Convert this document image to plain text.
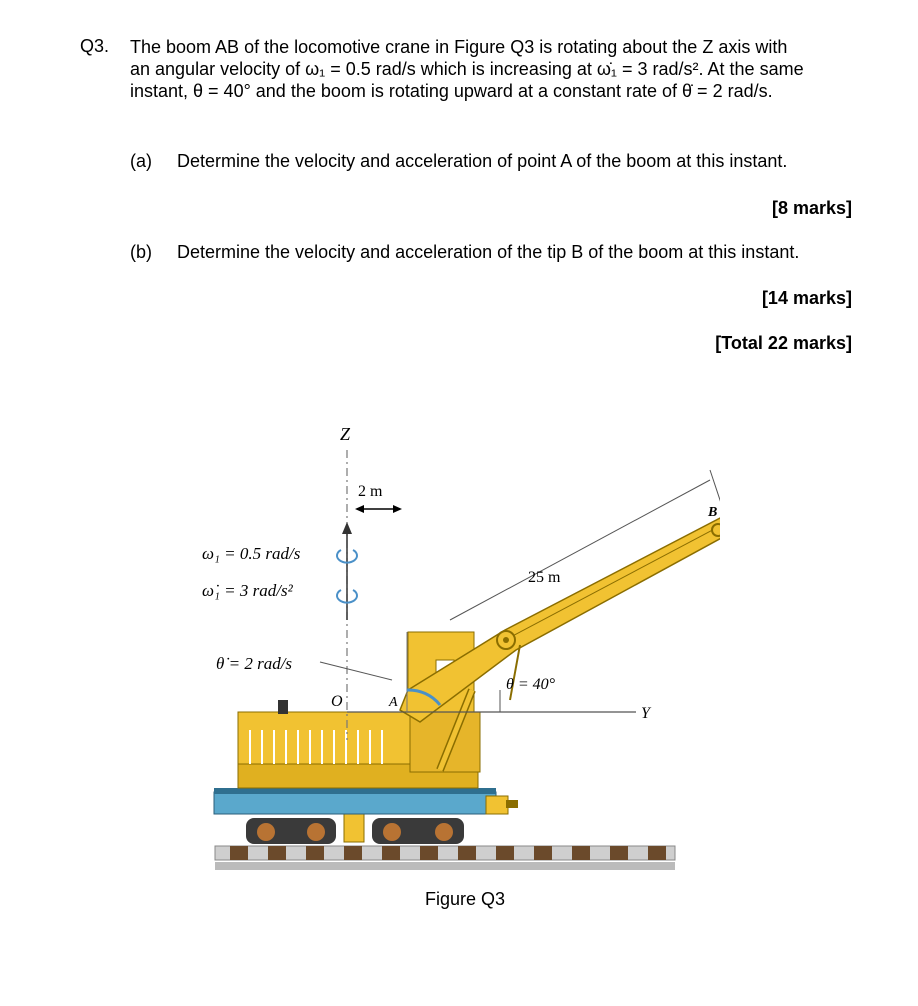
Q3. The boom AB of the locomotive crane in Figure Q3 is rotating about the Z axis with
an angular velocity of ω₁ = 0.5 rad/s which is increasing at ω̇₁ = 3 rad/s². At the same
instant, θ = 40° and the boom is rotating upward at a constant rate of θ̇ = 2 rad/s.
(a) Determine the velocity and acceleration of point A of the boom at this instant.
[8 marks]
(b) Determine the velocity and acceleration of the tip B of the boom at this instant.
[14 marks]
[Total 22 marks]
Z
Y
O	A
B
2 m
25 m
ω₁ = 0.5 rad/s
ω̇₁ = 3 rad/s²
θ̇ = 2 rad/s
θ = 40°
Figure Q3
